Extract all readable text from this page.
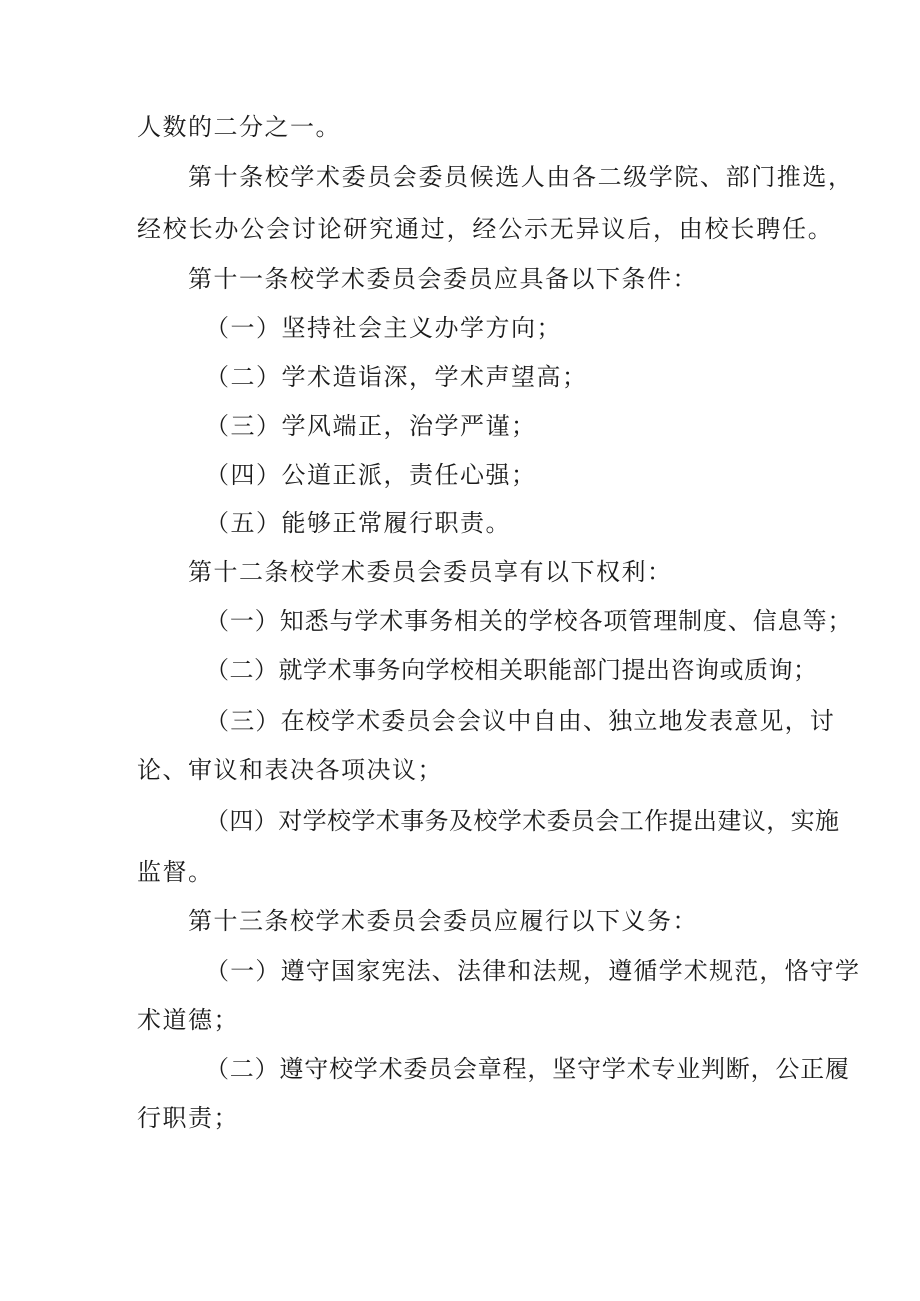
人数的二分之一。
第十条校学术委员会委员候选人由各二级学院、部门推选，
经校长办公会讨论研究通过，经公示无异议后，由校长聘任。
第十一条校学术委员会委员应具备以下条件：
（一）坚持社会主义办学方向；
（二）学术造诣深，学术声望高；
（三）学风端正，治学严谨；
（四）公道正派，责任心强；
（五）能够正常履行职责。
第十二条校学术委员会委员享有以下权利：
（一）知悉与学术事务相关的学校各项管理制度、信息等；
（二）就学术事务向学校相关职能部门提出咨询或质询；
（三）在校学术委员会会议中自由、独立地发表意见，讨
论、审议和表决各项决议；
（四）对学校学术事务及校学术委员会工作提出建议，实施
监督。
第十三条校学术委员会委员应履行以下义务：
（一）遵守国家宪法、法律和法规，遵循学术规范，恪守学
术道德；
（二）遵守校学术委员会章程，坚守学术专业判断，公正履
行职责；
